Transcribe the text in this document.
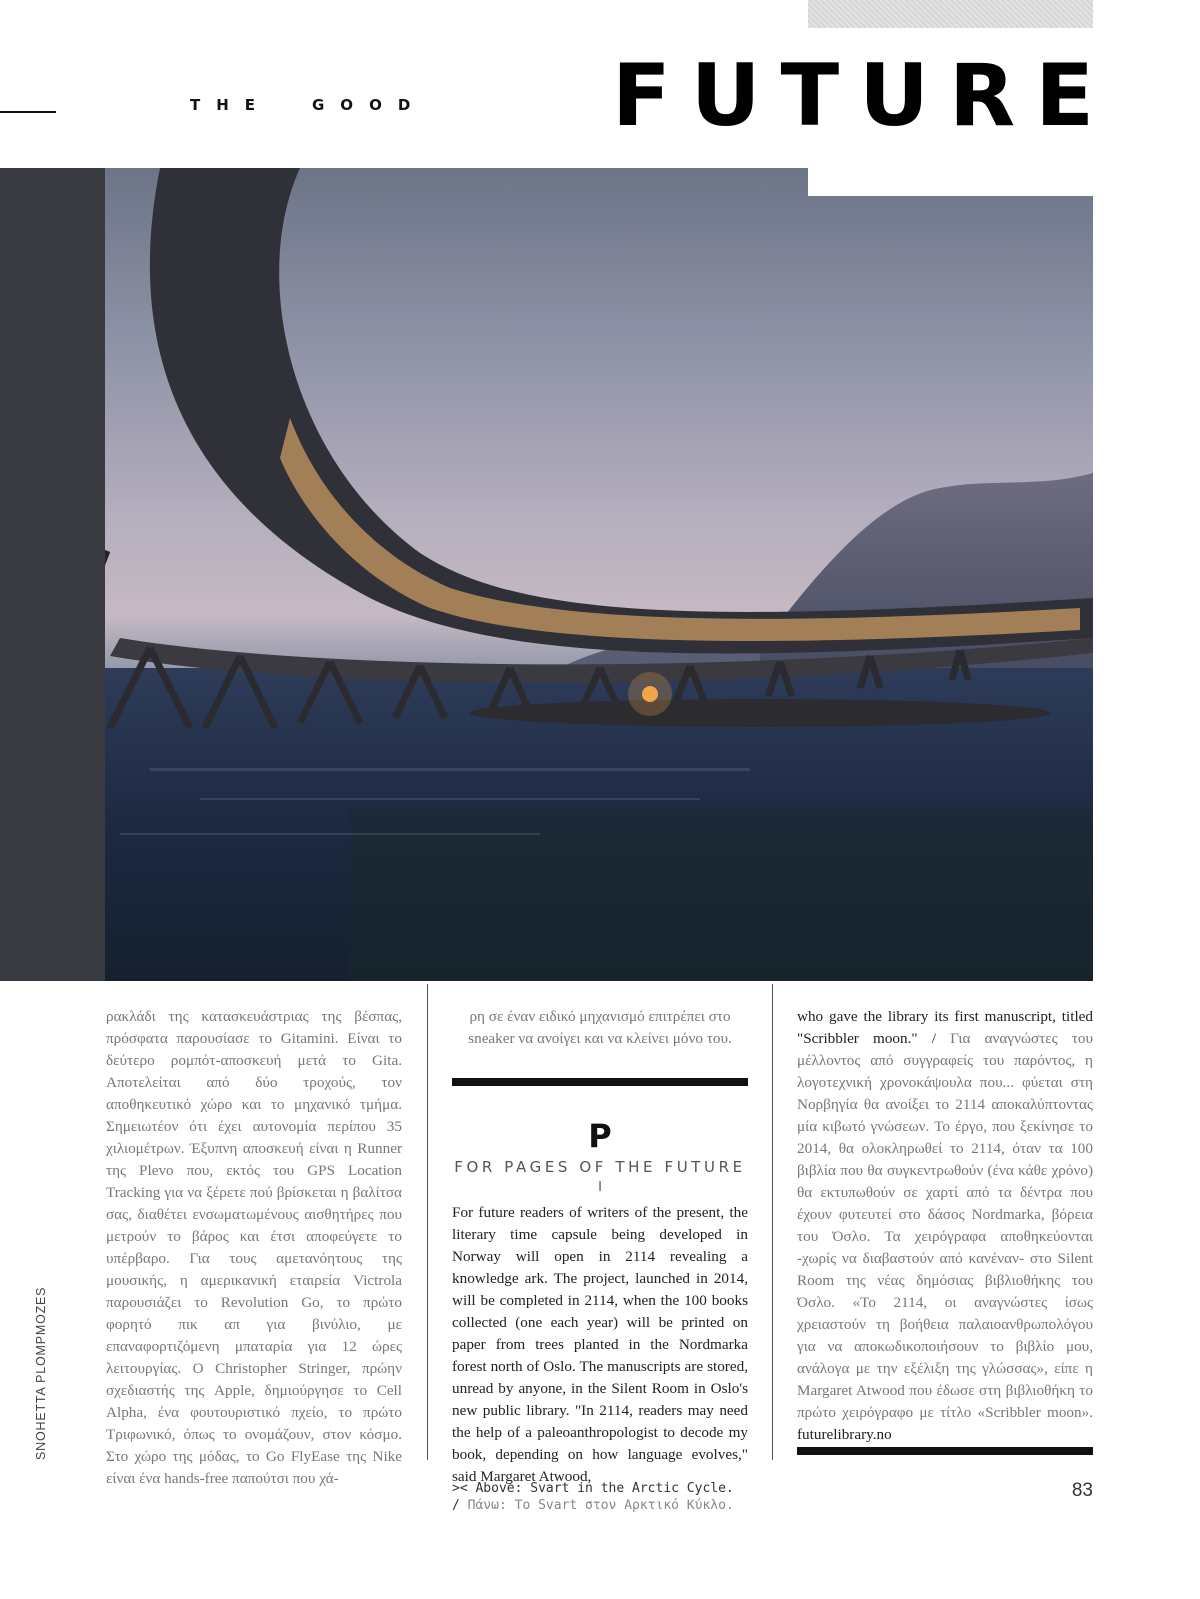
THE	GOOD F U T U R E
ρακλάδι της κατασκευάστριας της βέσπας, πρόσφατα παρουσίασε το Gitamini. Είναι το δεύτερο ρομπότ-αποσκευή μετά το Gita. Αποτελείται από δύο τροχούς, τον αποθηκευτικό χώρο και το μηχανικό τμήμα. Σημειωτέον ότι έχει αυτονομία περίπου 35 χιλιομέτρων. Έξυπνη αποσκευή είναι η Runner της Plevo που, εκτός του GPS Location Tracking για να ξέρετε πού βρίσκεται η βαλίτσα σας, διαθέτει ενσωματωμένους αισθητήρες που μετρούν το βάρος και έτσι αποφεύγετε το υπέρβαρο. Για τους αμετανόητους της μουσικής, η αμερικανική εταιρεία Victrola παρουσιάζει το Revolution Go, το πρώτο φορητό πικ απ για βινύλιο, με επαναφορτιζόμενη μπαταρία για 12 ώρες λειτουργίας. Ο Christopher Stringer, πρώην σχεδιαστής της Apple, δημιούργησε το Cell Alpha, ένα φουτουριστικό πχείο, το πρώτο Τριφωνικό, όπως το ονομάζουν, στον κόσμο. Στο χώρο της μόδας, το Go FlyEase της Nike είναι ένα hands-free παπούτσι που χά-
ρη σε έναν ειδικό μηχανισμό επιτρέπει στο sneaker να ανοίγει και να κλείνει μόνο του.
P
FOR PAGES OF THE FUTURE
I
For future readers of writers of the present, the literary time capsule being developed in Norway will open in 2114 revealing a knowledge ark. The project, launched in 2014, will be completed in 2114, when the 100 books collected (one each year) will be printed on paper from trees planted in the Nordmarka forest north of Oslo. The manuscripts are stored, unread by anyone, in the Silent Room in Oslo's new public library. "In 2114, readers may need the help of a paleoanthropologist to decode my book, depending on how language evolves," said Margaret Atwood,
who gave the library its first manuscript, titled "Scribbler moon." / Για αναγνώστες του μέλλοντος από συγγραφείς του παρόντος, η λογοτεχνική χρονοκάψουλα που... φύεται στη Νορβηγία θα ανοίξει το 2114 αποκαλύπτοντας μία κιβωτό γνώσεων. Το έργο, που ξεκίνησε το 2014, θα ολοκληρωθεί το 2114, όταν τα 100 βιβλία που θα συγκεντρωθούν (ένα κάθε χρόνο) θα εκτυπωθούν σε χαρτί από τα δέντρα που έχουν φυτευτεί στο δάσος Nordmarka, βόρεια του Όσλο. Τα χειρόγραφα αποθηκεύονται -χωρίς να διαβαστούν από κανέναν- στο Silent Room της νέας δημόσιας βιβλιοθήκης του Όσλο. «Το 2114, οι αναγνώστες ίσως χρειαστούν τη βοήθεια παλαιοανθρωπολόγου για να αποκωδικοποιήσουν το βιβλίο μου, ανάλογα με την εξέλιξη της γλώσσας», είπε η Margaret Atwood που έδωσε στη βιβλιοθήκη το πρώτο χειρόγραφο με τίτλο «Scribbler moon». futurelibrary.no
>< Above: Svart in the Arctic Cycle. / Πάνω: Το Svart στον Αρκτικό Κύκλο.
83
SNOHETTA PLOMPMOZES
